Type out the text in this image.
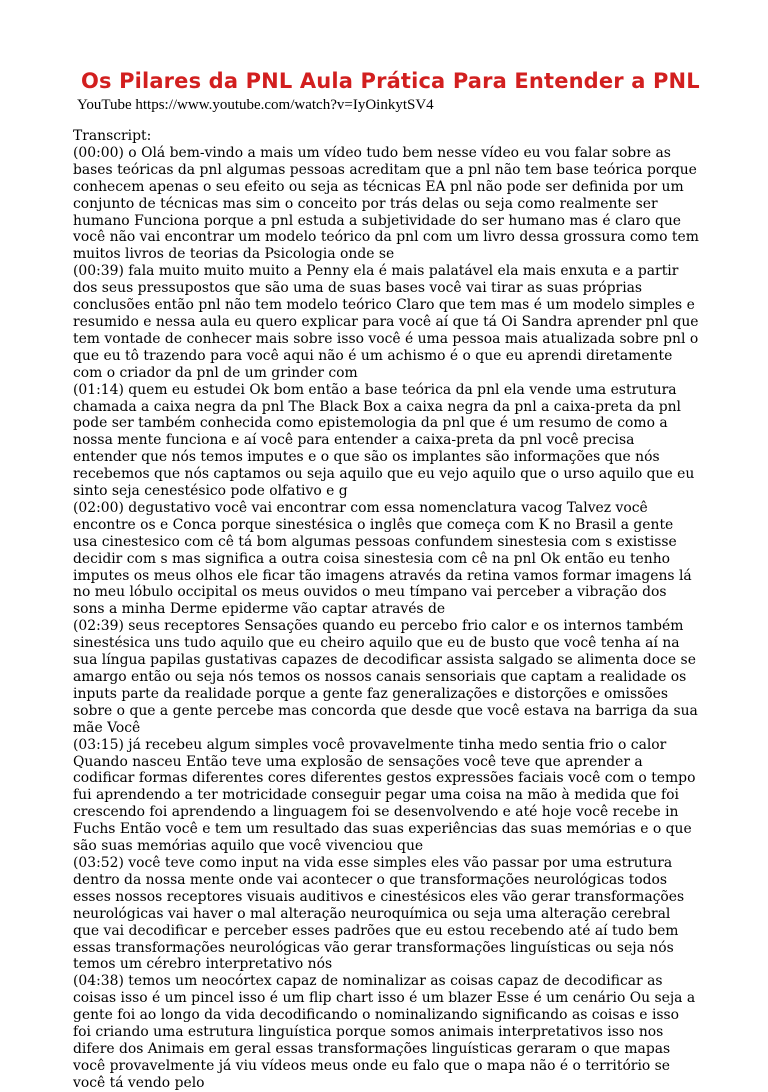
Os Pilares da PNL Aula Prática Para Entender a PNL
YouTube https://www.youtube.com/watch?v=IyOinkytSV4

Transcript:

(00:00) o Olá bem-vindo a mais um vídeo tudo bem nesse vídeo eu vou falar sobre as bases teóricas da pnl algumas pessoas acreditam que a pnl não tem base teórica porque conhecem apenas o seu efeito ou seja as técnicas EA pnl não pode ser definida por um conjunto de técnicas mas sim o conceito por trás delas ou seja como realmente ser humano Funciona porque a pnl estuda a subjetividade do ser humano mas é claro que você não vai encontrar um modelo teórico da pnl com um livro dessa grossura como tem muitos livros de teorias da Psicologia onde se

(00:39) fala muito muito muito a Penny ela é mais palatável ela mais enxuta e a partir dos seus pressupostos que são uma de suas bases você vai tirar as suas próprias conclusões então pnl não tem modelo teórico Claro que tem mas é um modelo simples e resumido e nessa aula eu quero explicar para você aí que tá Oi Sandra aprender pnl que tem vontade de conhecer mais sobre isso você é uma pessoa mais atualizada sobre pnl o que eu tô trazendo para você aqui não é um achismo é o que eu aprendi diretamente com o criador da pnl de um grinder com

(01:14) quem eu estudei Ok bom então a base teórica da pnl ela vende uma estrutura chamada a caixa negra da pnl The Black Box a caixa negra da pnl a caixa-preta da pnl pode ser também conhecida como epistemologia da pnl que é um resumo de como a nossa mente funciona e aí você para entender a caixa-preta da pnl você precisa entender que nós temos imputes e o que são os implantes são informações que nós recebemos que nós captamos ou seja aquilo que eu vejo aquilo que o urso aquilo que eu sinto seja cenestésico pode olfativo e g

(02:00) degustativo você vai encontrar com essa nomenclatura vacog Talvez você encontre os e Conca porque sinestésica o inglês que começa com K no Brasil a gente usa cinestesico com cê tá bom algumas pessoas confundem sinestesia com s existisse decidir com s mas significa a outra coisa sinestesia com cê na pnl Ok então eu tenho imputes os meus olhos ele ficar tão imagens através da retina vamos formar imagens lá no meu lóbulo occipital os meus ouvidos o meu tímpano vai perceber a vibração dos sons a minha Derme epiderme vão captar através de

(02:39) seus receptores Sensações quando eu percebo frio calor e os internos também sinestésica uns tudo aquilo que eu cheiro aquilo que eu de busto que você tenha aí na sua língua papilas gustativas capazes de decodificar assista salgado se alimenta doce se amargo então ou seja nós temos os nossos canais sensoriais que captam a realidade os inputs parte da realidade porque a gente faz generalizações e distorções e omissões sobre o que a gente percebe mas concorda que desde que você estava na barriga da sua mãe Você

(03:15) já recebeu algum simples você provavelmente tinha medo sentia frio o calor Quando nasceu Então teve uma explosão de sensações você teve que aprender a codificar formas diferentes cores diferentes gestos expressões faciais você com o tempo fui aprendendo a ter motricidade conseguir pegar uma coisa na mão à medida que foi crescendo foi aprendendo a linguagem foi se desenvolvendo e até hoje você recebe in Fuchs Então você e tem um resultado das suas experiências das suas memórias e o que são suas memórias aquilo que você vivenciou que

(03:52) você teve como input na vida esse simples eles vão passar por uma estrutura dentro da nossa mente onde vai acontecer o que transformações neurológicas todos esses nossos receptores visuais auditivos e cinestésicos eles vão gerar transformações neurológicas vai haver o mal alteração neuroquímica ou seja uma alteração cerebral que vai decodificar e perceber esses padrões que eu estou recebendo até aí tudo bem essas transformações neurológicas vão gerar transformações linguísticas ou seja nós temos um cérebro interpretativo nós

(04:38) temos um neocórtex capaz de nominalizar as coisas capaz de decodificar as coisas isso é um pincel isso é um flip chart isso é um blazer Esse é um cenário Ou seja a gente foi ao longo da vida decodificando o nominalizando significando as coisas e isso foi criando uma estrutura linguística porque somos animais interpretativos isso nos difere dos Animais em geral essas transformações linguísticas geraram o que mapas você provavelmente já viu vídeos meus onde eu falo que o mapa não é o território se você tá vendo pelo
